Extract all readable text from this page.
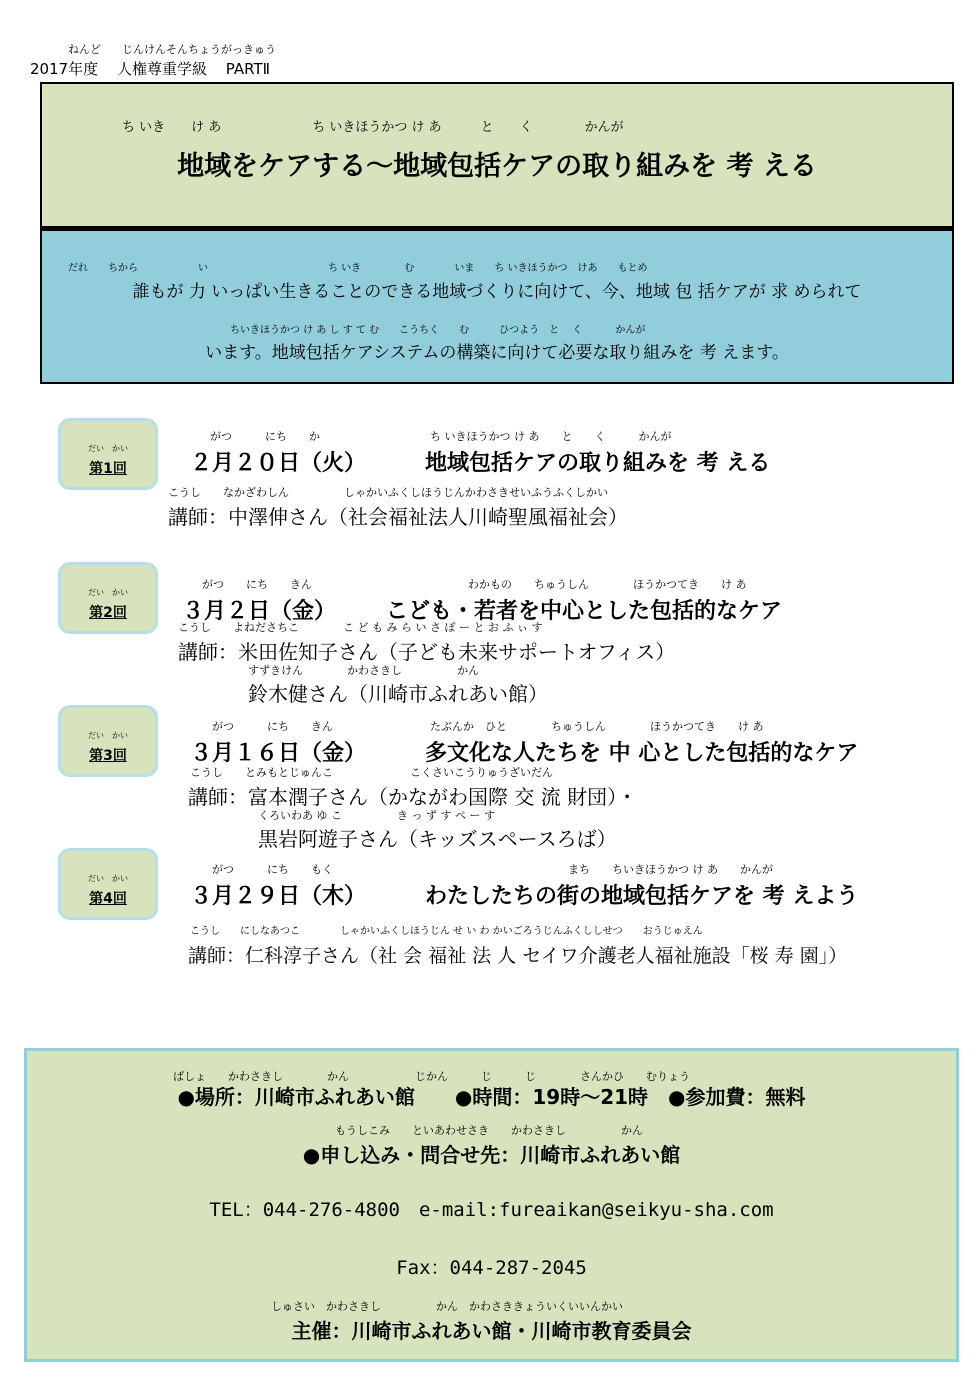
ねんど じんけんそんちょうがっきゅう
2017年度 人権尊重学級 PARTⅡ
ち いき　　け あ　　　　　　　ち いきほうかつ け あ　　　と　　く　　　　かんが
地域をケアする～地域包括ケアの取り組みを 考 える
だれ　　ちから　　　　　　い　　　　　　　　　　　　ち いき　　　　 む　　　　いま　　ち いきほうかつ　けあ　　もとめ
誰もが 力 いっぱい生きることのできる地域づくりに向けて、今、地域 包 括ケアが 求 められて
ちいきほうかつ け あ し す て む　　こうちく　　む　　　ひつよう　と　 く　　　 かんが
います。地域包括ケアシステムの構築に向けて必要な取り組みを 考 えます。
だい　かい
第1回
がつ　　　にち　　か
２月２０日（火）
ち いきほうかつ け あ　　と　　く　　　かんが
地域包括ケアの取り組みを 考 える
こうし　　なかざわしん　　　　　しゃかいふくしほうじんかわさきせいふうふくしかい
講師：中澤伸さん（社会福祉法人川崎聖風福祉会）
だい　かい
第2回
がつ　　にち　　きん
３月２日（金）
わかもの　　ちゅうしん　　　　ほうかつてき　　け あ
こども・若者を中心とした包括的なケア
こうし　　よねださちこ　　　　こ ど も み ら い さ ぽ ー と お ふ ぃ す
講師：米田佐知子さん（子ども未来サポートオフィス）
すずきけん　　　　かわさきし　　　　　かん
鈴木健さん（川崎市ふれあい館）
だい　かい
第3回
がつ　　　にち　　きん
３月１６日（金）
たぶんか　ひと　　　　ちゅうしん　　　　ほうかつてき　　け あ
多文化な人たちを 中 心とした包括的なケア
こうし　　とみもとじゅんこ　　　　　　　こくさいこうりゅうざいだん
講師：富本潤子さん（かながわ国際 交 流 財団）・
くろいわあ ゆ こ　　　　　き っ ず す ペ ー す
黒岩阿遊子さん（キッズスペースろば）
だい　かい
第4回
がつ　　　にち　　もく
３月２９日（木）
まち　　ちいきほうかつ け あ　　かんが
わたしたちの街の地域包括ケアを 考 えよう
こうし　　にしなあつこ　　　　しゃかいふくしほうじん せ い わ かいごろうじんふくししせつ　　おうじゅえん
講師：仁科淳子さん（社 会 福祉 法 人 セイワ介護老人福祉施設「桜 寿 園」）
ばしょ　　かわさきし　　　　かん　　　　　　じかん　　　じ　　　じ　　　　さんかひ　　むりょう
●場所：川崎市ふれあい館　　●時間：19時～21時　●参加費：無料
もうしこみ　　といあわせさき　　かわさきし　　　　　かん
●申し込み・問合せ先：川崎市ふれあい館
TEL：044-276-4800　e-mail:fureaikan@seikyu-sha.com
Fax：044-287-2045
しゅさい　かわさきし　　　　　かん　かわさききょういくいいんかい
主催：川崎市ふれあい館・川崎市教育委員会
